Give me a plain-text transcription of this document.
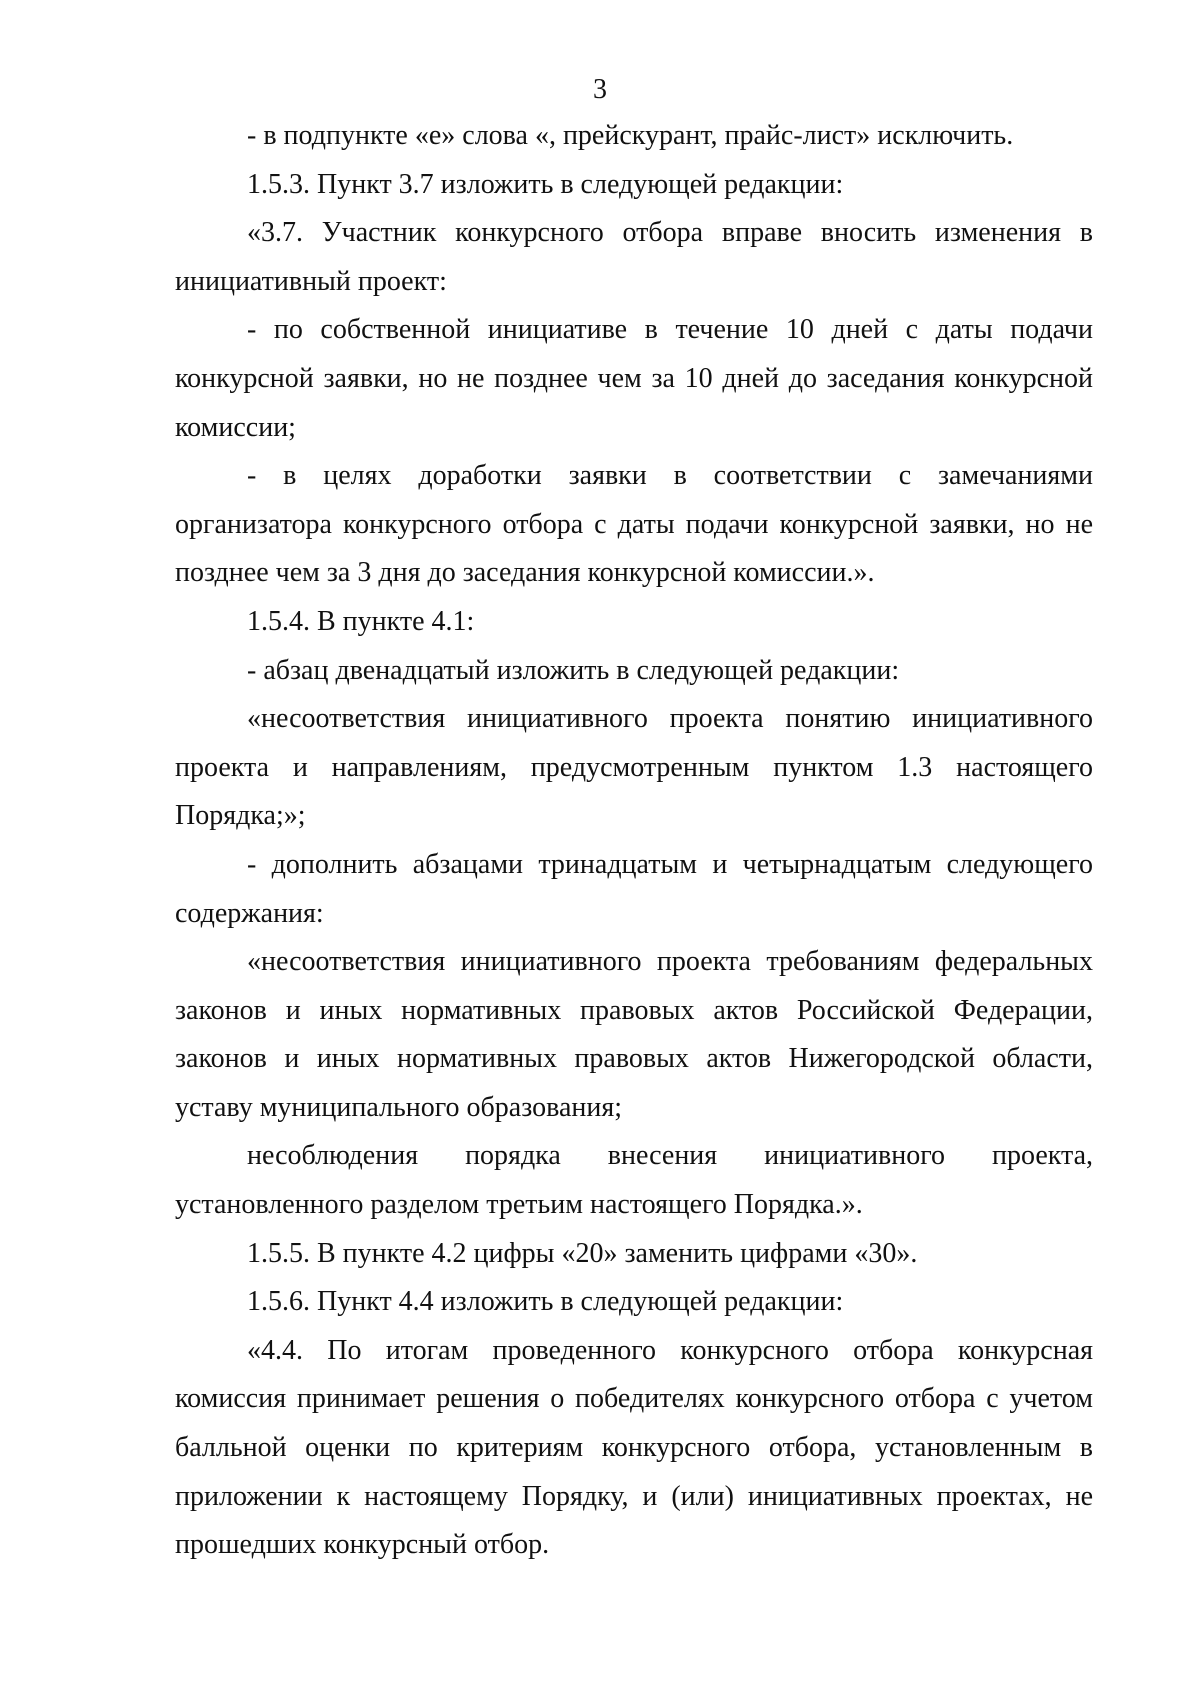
3

- в подпункте «е» слова «, прейскурант, прайс-лист» исключить.

1.5.3. Пункт 3.7 изложить в следующей редакции:

«3.7. Участник конкурсного отбора вправе вносить изменения в инициативный проект:

- по собственной инициативе в течение 10 дней с даты подачи конкурсной заявки, но не позднее чем за 10 дней до заседания конкурсной комиссии;

- в целях доработки заявки в соответствии с замечаниями организатора конкурсного отбора с даты подачи конкурсной заявки, но не позднее чем за 3 дня до заседания конкурсной комиссии.».

1.5.4. В пункте 4.1:

- абзац двенадцатый изложить в следующей редакции:

«несоответствия инициативного проекта понятию инициативного проекта и направлениям, предусмотренным пунктом 1.3 настоящего Порядка;»;

- дополнить абзацами тринадцатым и четырнадцатым следующего содержания:

«несоответствия инициативного проекта требованиям федеральных законов и иных нормативных правовых актов Российской Федерации, законов и иных нормативных правовых актов Нижегородской области, уставу муниципального образования;

несоблюдения порядка внесения инициативного проекта, установленного разделом третьим настоящего Порядка.».

1.5.5. В пункте 4.2 цифры «20» заменить цифрами «30».

1.5.6. Пункт 4.4 изложить в следующей редакции:

«4.4. По итогам проведенного конкурсного отбора конкурсная комиссия принимает решения о победителях конкурсного отбора с учетом балльной оценки по критериям конкурсного отбора, установленным в приложении к настоящему Порядку, и (или) инициативных проектах, не прошедших конкурсный отбор.
